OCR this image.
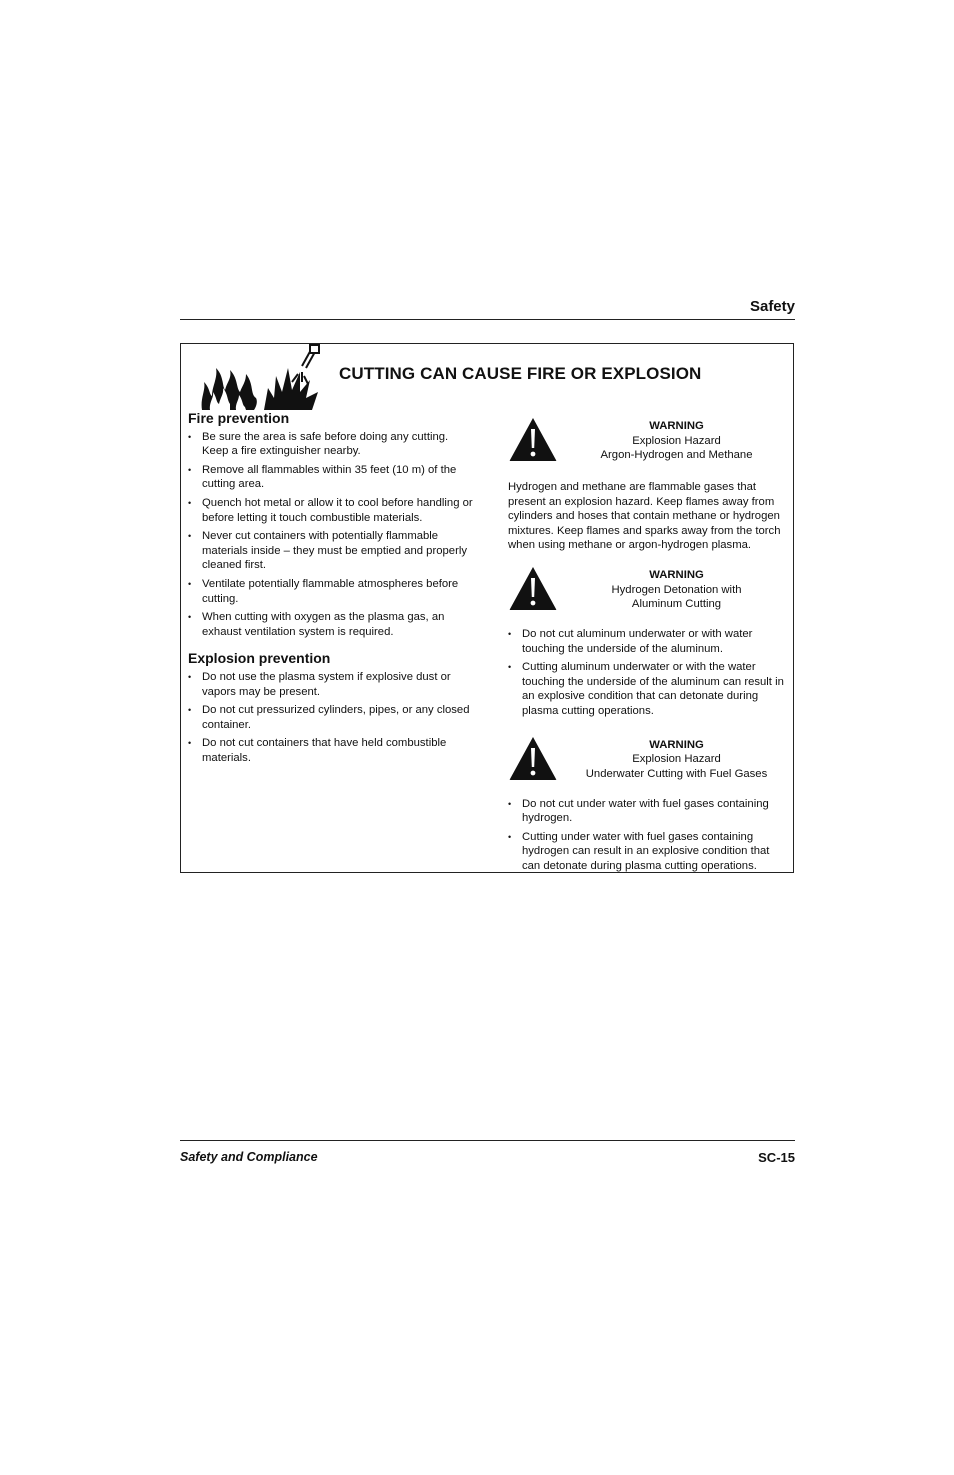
Safety
CUTTING CAN CAUSE FIRE OR EXPLOSION
Fire prevention
• Be sure the area is safe before doing any cutting. Keep a fire extinguisher nearby.
• Remove all flammables within 35 feet (10 m) of the cutting area.
• Quench hot metal or allow it to cool before handling or before letting it touch combustible materials.
• Never cut containers with potentially flammable materials inside – they must be emptied and properly cleaned first.
• Ventilate potentially flammable atmospheres before cutting.
• When cutting with oxygen as the plasma gas, an exhaust ventilation system is required.
Explosion prevention
• Do not use the plasma system if explosive dust or vapors may be present.
• Do not cut pressurized cylinders, pipes, or any closed container.
• Do not cut containers that have held combustible materials.
WARNING
Explosion Hazard
Argon-Hydrogen and Methane

Hydrogen and methane are flammable gases that present an explosion hazard. Keep flames away from cylinders and hoses that contain methane or hydrogen mixtures. Keep flames and sparks away from the torch when using methane or argon-hydrogen plasma.

WARNING
Hydrogen Detonation with
Aluminum Cutting
• Do not cut aluminum underwater or with water touching the underside of the aluminum.
• Cutting aluminum underwater or with the water touching the underside of the aluminum can result in an explosive condition that can detonate during plasma cutting operations.
WARNING
Explosion Hazard
Underwater Cutting with Fuel Gases
• Do not cut under water with fuel gases containing hydrogen.
• Cutting under water with fuel gases containing hydrogen can result in an explosive condition that can detonate during plasma cutting operations.
Safety and Compliance	SC-15
